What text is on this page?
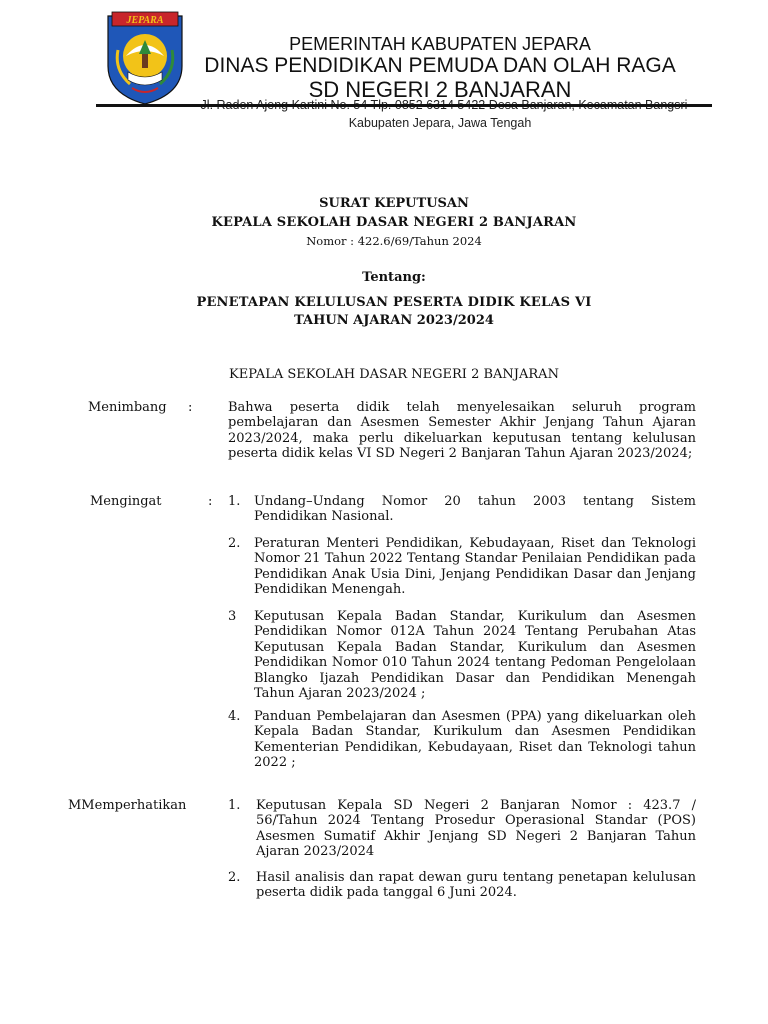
JEPARA
PEMERINTAH KABUPATEN JEPARA
DINAS PENDIDIKAN PEMUDA DAN OLAH RAGA
SD NEGERI 2 BANJARAN
Kabupaten Jepara, Jawa Tengah
SURAT KEPUTUSAN
KEPALA SEKOLAH DASAR NEGERI 2 BANJARAN
Nomor : 422.6/69/Tahun 2024
Tentang:
PENETAPAN KELULUSAN PESERTA DIDIK KELAS VI
TAHUN AJARAN 2023/2024
KEPALA SEKOLAH DASAR NEGERI 2 BANJARAN
Menimbang :	Bahwa peserta didik telah menyelesaikan seluruh program pembelajaran dan Asesmen Semester Akhir Jenjang Tahun Ajaran 2023/2024, maka perlu dikeluarkan keputusan tentang kelulusan peserta didik kelas VI SD Negeri 2 Banjaran Tahun Ajaran 2023/2024;
Mengingat	: 1. Undang–Undang Nomor 20 tahun 2003 tentang Sistem Pendidikan Nasional.
2. Peraturan Menteri Pendidikan, Kebudayaan, Riset dan Teknologi Nomor 21 Tahun 2022 Tentang Standar Penilaian Pendidikan pada Pendidikan Anak Usia Dini, Jenjang Pendidikan Dasar dan Jenjang Pendidikan Menengah.
3 Keputusan Kepala Badan Standar, Kurikulum dan Asesmen Pendidikan Nomor 012A Tahun 2024 Tentang Perubahan Atas Keputusan Kepala Badan Standar, Kurikulum dan Asesmen Pendidikan Nomor 010 Tahun 2024 tentang Pedoman Pengelolaan Blangko Ijazah Pendidikan Dasar dan Pendidikan Menengah Tahun Ajaran 2023/2024 ;
4. Panduan Pembelajaran dan Asesmen (PPA) yang dikeluarkan oleh Kepala Badan Standar, Kurikulum dan Asesmen Pendidikan Kementerian Pendidikan, Kebudayaan, Riset dan Teknologi tahun 2022 ;
MMemperhatikan	1. Keputusan Kepala SD Negeri 2 Banjaran Nomor : 423.7 / 56/Tahun 2024 Tentang Prosedur Operasional Standar (POS) Asesmen Sumatif Akhir Jenjang SD Negeri 2 Banjaran Tahun Ajaran 2023/2024
2. Hasil analisis dan rapat dewan guru tentang penetapan kelulusan peserta didik pada tanggal 6 Juni 2024.
